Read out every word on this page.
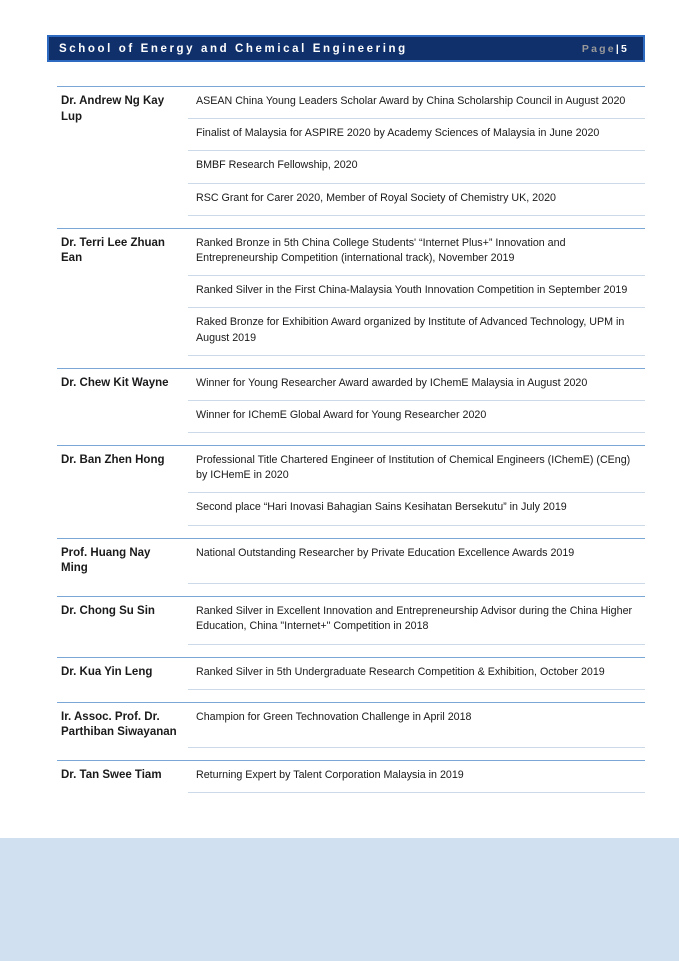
School of Energy and Chemical Engineering	Page|5
Dr. Andrew Ng Kay Lup	ASEAN China Young Leaders Scholar Award by China Scholarship Council in August 2020
	Finalist of Malaysia for ASPIRE 2020 by Academy Sciences of Malaysia in June 2020
	BMBF Research Fellowship, 2020
	RSC Grant for Carer 2020, Member of Royal Society of Chemistry UK, 2020

Dr. Terri Lee Zhuan Ean	Ranked Bronze in 5th China College Students' “Internet Plus+” Innovation and Entrepreneurship Competition (international track), November 2019
	Ranked Silver in the First China-Malaysia Youth Innovation Competition in September 2019
	Raked Bronze for Exhibition Award organized by Institute of Advanced Technology, UPM in August 2019

Dr. Chew Kit Wayne	Winner for Young Researcher Award awarded by IChemE Malaysia in August 2020
	Winner for IChemE Global Award for Young Researcher 2020

Dr. Ban Zhen Hong	Professional Title Chartered Engineer of Institution of Chemical Engineers (IChemE) (CEng) by ICHemE in 2020
	Second place “Hari Inovasi Bahagian Sains Kesihatan Bersekutu” in July 2019

Prof. Huang Nay Ming	National Outstanding Researcher by Private Education Excellence Awards 2019

Dr. Chong Su Sin	Ranked Silver in Excellent Innovation and Entrepreneurship Advisor during the China Higher Education, China "Internet+" Competition in 2018

Dr. Kua Yin Leng	Ranked Silver in 5th Undergraduate Research Competition & Exhibition, October 2019

Ir. Assoc. Prof. Dr. Parthiban Siwayanan	Champion for Green Technovation Challenge in April 2018

Dr. Tan Swee Tiam	Returning Expert by Talent Corporation Malaysia in 2019
